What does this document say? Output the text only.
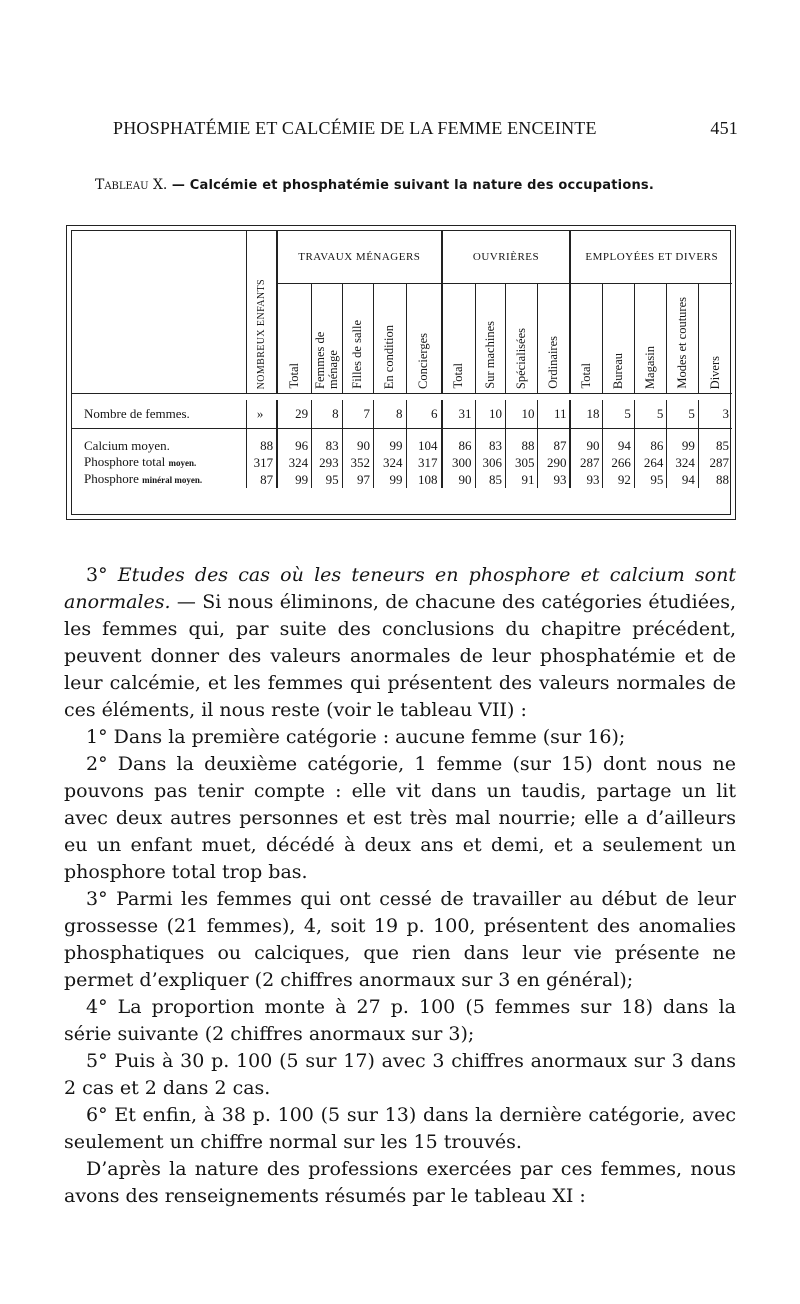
PHOSPHATÉMIE ET CALCÉMIE DE LA FEMME ENCEINTE	451
Tableau X. — Calcémie et phosphatémie suivant la nature des occupations.
	NOMBREUX ENFANTS	TRAVAUX MÉNAGERS					OUVRIÈRES				EMPLOYÉES ET DIVERS				
		Total	Femmes de ménage	Filles de salle	En condition	Concierges	Total	Sur machines	Spécialisées	Ordinaires	Total	Bureau	Magasin	Modes et coutures	Divers

Nombre de femmes.	»	29	8	7	8	6	31	10	10	11	18	5	5	5	3
Calcium moyen.	88	96	83	90	99	104	86	83	88	87	90	94	86	99	85
Phosphore total moyen.	317	324	293	352	324	317	300	306	305	290	287	266	264	324	287
Phosphore minéral moyen.	87	99	95	97	99	108	90	85	91	93	93	92	95	94	88

3° Etudes des cas où les teneurs en phosphore et calcium sont anormales. — Si nous éliminons, de chacune des catégories étudiées, les femmes qui, par suite des conclusions du chapitre précédent, peuvent donner des valeurs anormales de leur phosphatémie et de leur calcémie, et les femmes qui présentent des valeurs normales de ces éléments, il nous reste (voir le tableau VII) :

1° Dans la première catégorie : aucune femme (sur 16);

2° Dans la deuxième catégorie, 1 femme (sur 15) dont nous ne pouvons pas tenir compte : elle vit dans un taudis, partage un lit avec deux autres personnes et est très mal nourrie; elle a d’ailleurs eu un enfant muet, décédé à deux ans et demi, et a seulement un phosphore total trop bas.

3° Parmi les femmes qui ont cessé de travailler au début de leur grossesse (21 femmes), 4, soit 19 p. 100, présentent des anomalies phosphatiques ou calciques, que rien dans leur vie présente ne permet d’expliquer (2 chiffres anormaux sur 3 en général);

4° La proportion monte à 27 p. 100 (5 femmes sur 18) dans la série suivante (2 chiffres anormaux sur 3);

5° Puis à 30 p. 100 (5 sur 17) avec 3 chiffres anormaux sur 3 dans 2 cas et 2 dans 2 cas.

6° Et enfin, à 38 p. 100 (5 sur 13) dans la dernière catégorie, avec seulement un chiffre normal sur les 15 trouvés.

D’après la nature des professions exercées par ces femmes, nous avons des renseignements résumés par le tableau XI :
